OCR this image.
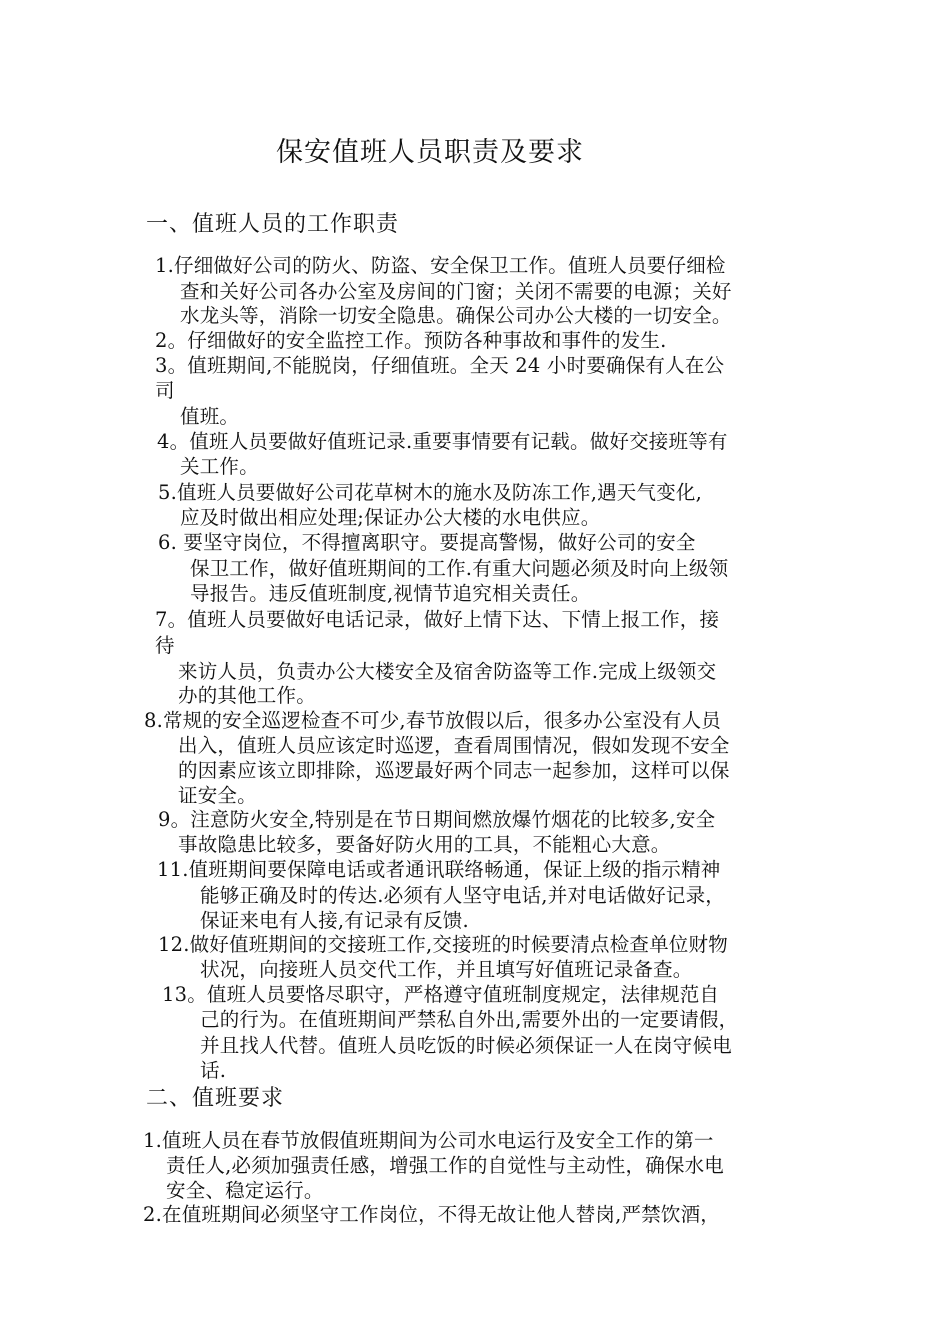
保安值班人员职责及要求
一、值班人员的工作职责
1.仔细做好公司的防火、防盗、安全保卫工作。值班人员要仔细检
查和关好公司各办公室及房间的门窗；关闭不需要的电源；关好
水龙头等，消除一切安全隐患。确保公司办公大楼的一切安全。
2。仔细做好的安全监控工作。预防各种事故和事件的发生.
3。值班期间,不能脱岗，仔细值班。全天 24 小时要确保有人在公
司
值班。
4。值班人员要做好值班记录.重要事情要有记载。做好交接班等有
关工作。
5.值班人员要做好公司花草树木的施水及防冻工作,遇天气变化,
应及时做出相应处理;保证办公大楼的水电供应。
6. 要坚守岗位，不得擅离职守。要提高警惕，做好公司的安全
保卫工作，做好值班期间的工作.有重大问题必须及时向上级领
导报告。违反值班制度,视情节追究相关责任。
7。值班人员要做好电话记录，做好上情下达、下情上报工作，接
待
来访人员，负责办公大楼安全及宿舍防盗等工作.完成上级领交
办的其他工作。
8.常规的安全巡逻检查不可少,春节放假以后，很多办公室没有人员
出入，值班人员应该定时巡逻，查看周围情况，假如发现不安全
的因素应该立即排除，巡逻最好两个同志一起参加，这样可以保
证安全。
9。注意防火安全,特别是在节日期间燃放爆竹烟花的比较多,安全
事故隐患比较多，要备好防火用的工具，不能粗心大意。
11.值班期间要保障电话或者通讯联络畅通，保证上级的指示精神
能够正确及时的传达.必须有人坚守电话,并对电话做好记录，
保证来电有人接,有记录有反馈.
12.做好值班期间的交接班工作,交接班的时候要清点检查单位财物
状况，向接班人员交代工作，并且填写好值班记录备查。
13。值班人员要恪尽职守，严格遵守值班制度规定，法律规范自
己的行为。在值班期间严禁私自外出,需要外出的一定要请假，
并且找人代替。值班人员吃饭的时候必须保证一人在岗守候电
话.
二、值班要求
1.值班人员在春节放假值班期间为公司水电运行及安全工作的第一
责任人,必须加强责任感，增强工作的自觉性与主动性，确保水电
安全、稳定运行。
2.在值班期间必须坚守工作岗位，不得无故让他人替岗,严禁饮酒，
